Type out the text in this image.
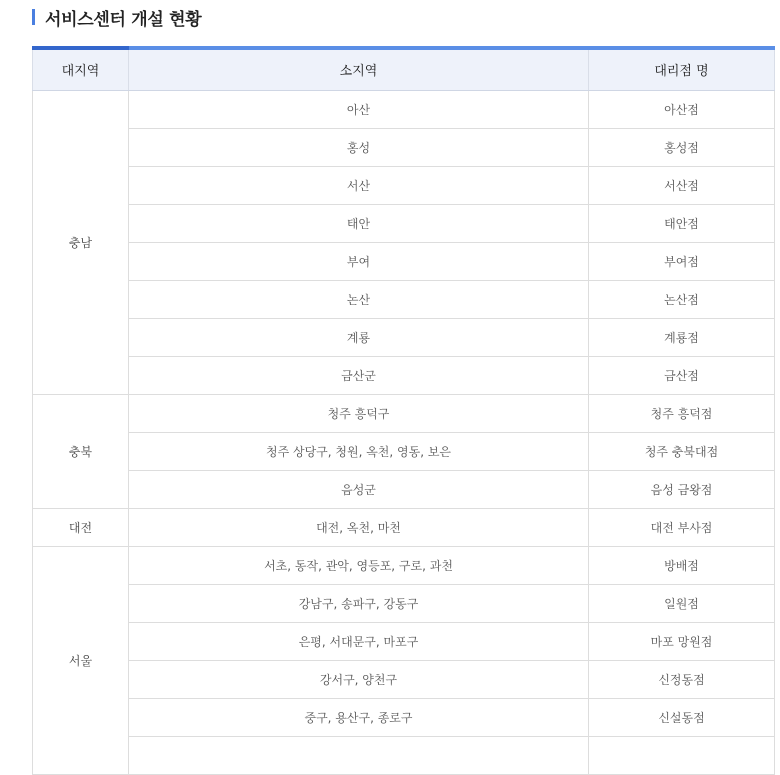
서비스센터 개설 현황
대지역	소지역	대리점 명
충남	아산	아산점
	홍성	홍성점
	서산	서산점
	태안	태안점
	부여	부여점
	논산	논산점
	계룡	계룡점
	금산군	금산점
충북	청주 흥덕구	청주 흥덕점
	청주 상당구, 청원, 옥천, 영동, 보은	청주 충북대점
	음성군	음성 금왕점
대전	대전, 옥천, 마천	대전 부사점
서울	서초, 동작, 관악, 영등포, 구로, 과천	방배점
	강남구, 송파구, 강동구	일원점
	은평, 서대문구, 마포구	마포 망원점
	강서구, 양천구	신정동점
	중구, 용산구, 종로구	신설동점
